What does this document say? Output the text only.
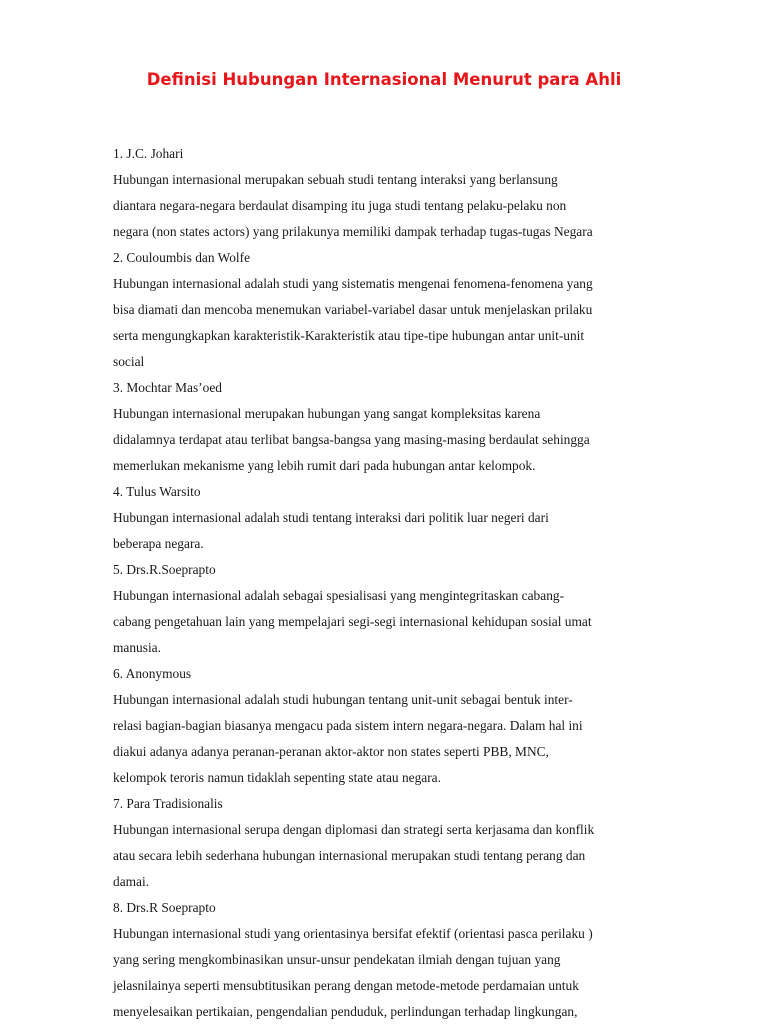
Definisi Hubungan Internasional Menurut para Ahli
1. J.C. Johari
Hubungan internasional merupakan sebuah studi tentang interaksi yang berlansung
diantara negara-negara berdaulat disamping itu juga studi tentang pelaku-pelaku non
negara (non states actors) yang prilakunya memiliki dampak terhadap tugas-tugas Negara
2. Couloumbis dan Wolfe
Hubungan internasional adalah studi yang sistematis mengenai fenomena-fenomena yang
bisa diamati dan mencoba menemukan variabel-variabel dasar untuk menjelaskan prilaku
serta mengungkapkan karakteristik-Karakteristik atau tipe-tipe hubungan antar unit-unit
social
3. Mochtar Mas’oed
Hubungan internasional merupakan hubungan yang sangat kompleksitas karena
didalamnya terdapat atau terlibat bangsa-bangsa yang masing-masing berdaulat sehingga
memerlukan mekanisme yang lebih rumit dari pada hubungan antar kelompok.
4. Tulus Warsito
Hubungan internasional adalah studi tentang interaksi dari politik luar negeri dari
beberapa negara.
5. Drs.R.Soeprapto
Hubungan internasional adalah sebagai spesialisasi yang mengintegritaskan cabang-
cabang pengetahuan lain yang mempelajari segi-segi internasional kehidupan sosial umat
manusia.
6. Anonymous
Hubungan internasional adalah studi hubungan tentang unit-unit sebagai bentuk inter-
relasi bagian-bagian biasanya mengacu pada sistem intern negara-negara. Dalam hal ini
diakui adanya adanya peranan-peranan aktor-aktor non states seperti PBB, MNC,
kelompok teroris namun tidaklah sepenting state atau negara.
7. Para Tradisionalis
Hubungan internasional serupa dengan diplomasi dan strategi serta kerjasama dan konflik
atau secara lebih sederhana hubungan internasional merupakan studi tentang perang dan
damai.
8. Drs.R Soeprapto
Hubungan internasional studi yang orientasinya bersifat efektif (orientasi pasca perilaku )
yang sering mengkombinasikan unsur-unsur pendekatan ilmiah dengan tujuan yang
jelasnilainya seperti mensubtitusikan perang dengan metode-metode perdamaian untuk
menyelesaikan pertikaian, pengendalian penduduk, perlindungan terhadap lingkungan,
